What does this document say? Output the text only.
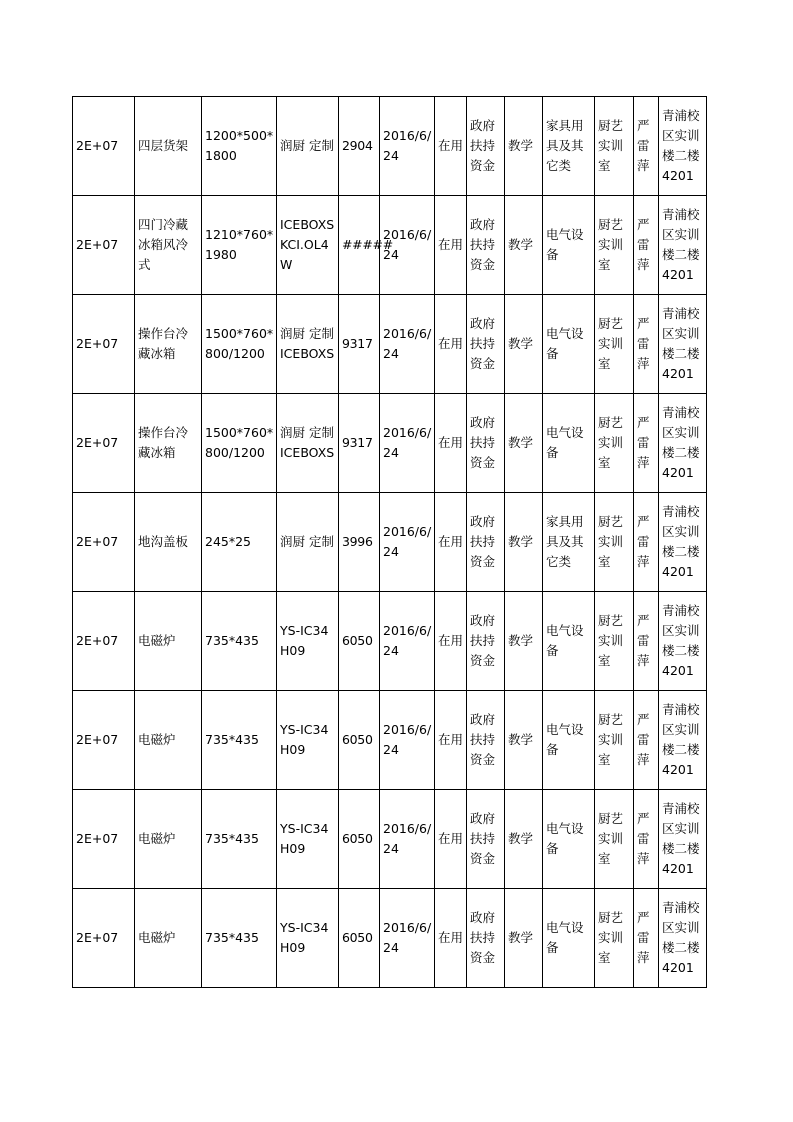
2E+07	四层货架	1200*500*1800	润厨 定制	2904	2016/6/24	在用	政府扶持资金	教学	家具用具及其它类	厨艺实训室	严雷萍	青浦校区实训楼二楼4201
2E+07	四门冷藏冰箱风冷式	1210*760*1980	ICEBOXS KCI.OL4W	#####	2016/6/24	在用	政府扶持资金	教学	电气设备	厨艺实训室	严雷萍	青浦校区实训楼二楼4201
2E+07	操作台冷藏冰箱	1500*760*800/1200	润厨 定制ICEBOXS	9317	2016/6/24	在用	政府扶持资金	教学	电气设备	厨艺实训室	严雷萍	青浦校区实训楼二楼4201
2E+07	操作台冷藏冰箱	1500*760*800/1200	润厨 定制ICEBOXS	9317	2016/6/24	在用	政府扶持资金	教学	电气设备	厨艺实训室	严雷萍	青浦校区实训楼二楼4201
2E+07	地沟盖板	245*25	润厨 定制	3996	2016/6/24	在用	政府扶持资金	教学	家具用具及其它类	厨艺实训室	严雷萍	青浦校区实训楼二楼4201
2E+07	电磁炉	735*435	YS-IC34H09	6050	2016/6/24	在用	政府扶持资金	教学	电气设备	厨艺实训室	严雷萍	青浦校区实训楼二楼4201
2E+07	电磁炉	735*435	YS-IC34H09	6050	2016/6/24	在用	政府扶持资金	教学	电气设备	厨艺实训室	严雷萍	青浦校区实训楼二楼4201
2E+07	电磁炉	735*435	YS-IC34H09	6050	2016/6/24	在用	政府扶持资金	教学	电气设备	厨艺实训室	严雷萍	青浦校区实训楼二楼4201
2E+07	电磁炉	735*435	YS-IC34H09	6050	2016/6/24	在用	政府扶持资金	教学	电气设备	厨艺实训室	严雷萍	青浦校区实训楼二楼4201
